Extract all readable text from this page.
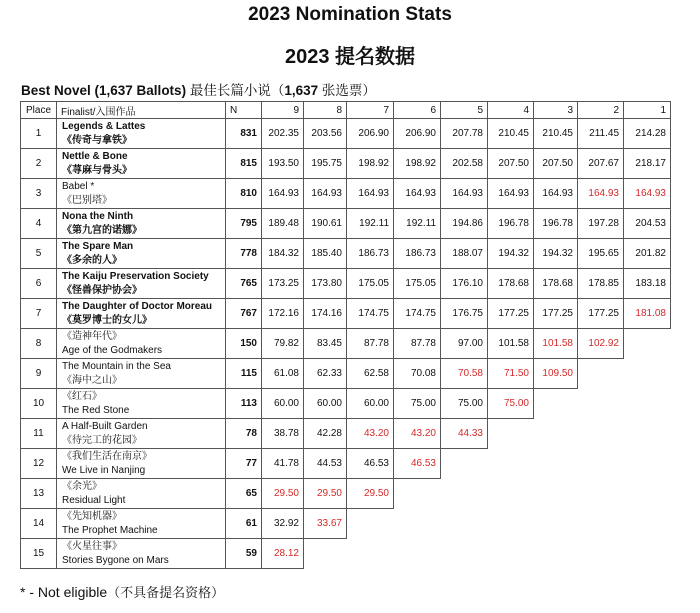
2023 Nomination Stats
2023 提名数据
Best Novel (1,637 Ballots) 最佳长篇小说（1,637 张选票）
Place	Finalist/入围作品	N	9	8	7	6	5	4	3	2	1
1	Legends & Lattes
《传奇与拿铁》	831	202.35	203.56	206.90	206.90	207.78	210.45	210.45	211.45	214.28
2	Nettle & Bone
《荨麻与骨头》	815	193.50	195.75	198.92	198.92	202.58	207.50	207.50	207.67	218.17
3	Babel *
《巴别塔》	810	164.93	164.93	164.93	164.93	164.93	164.93	164.93	164.93	164.93
4	Nona the Ninth
《第九宫的诺娜》	795	189.48	190.61	192.11	192.11	194.86	196.78	196.78	197.28	204.53
5	The Spare Man
《多余的人》	778	184.32	185.40	186.73	186.73	188.07	194.32	194.32	195.65	201.82
6	The Kaiju Preservation Society
《怪兽保护协会》	765	173.25	173.80	175.05	175.05	176.10	178.68	178.68	178.85	183.18
7	The Daughter of Doctor Moreau
《莫罗博士的女儿》	767	172.16	174.16	174.75	174.75	176.75	177.25	177.25	177.25	181.08
8	《造神年代》
Age of the Godmakers	150	79.82	83.45	87.78	87.78	97.00	101.58	101.58	102.92	
9	The Mountain in the Sea
《海中之山》	115	61.08	62.33	62.58	70.08	70.58	71.50	109.50		
10	《红石》
The Red Stone	113	60.00	60.00	60.00	75.00	75.00	75.00			
11	A Half-Built Garden
《待完工的花园》	78	38.78	42.28	43.20	43.20	44.33				
12	《我们生活在南京》
We Live in Nanjing	77	41.78	44.53	46.53	46.53					
13	《余光》
Residual Light	65	29.50	29.50	29.50						
14	《先知机器》
The Prophet Machine	61	32.92	33.67							
15	《火星往事》
Stories Bygone on Mars	59	28.12								
* - Not eligible（不具备提名资格）
